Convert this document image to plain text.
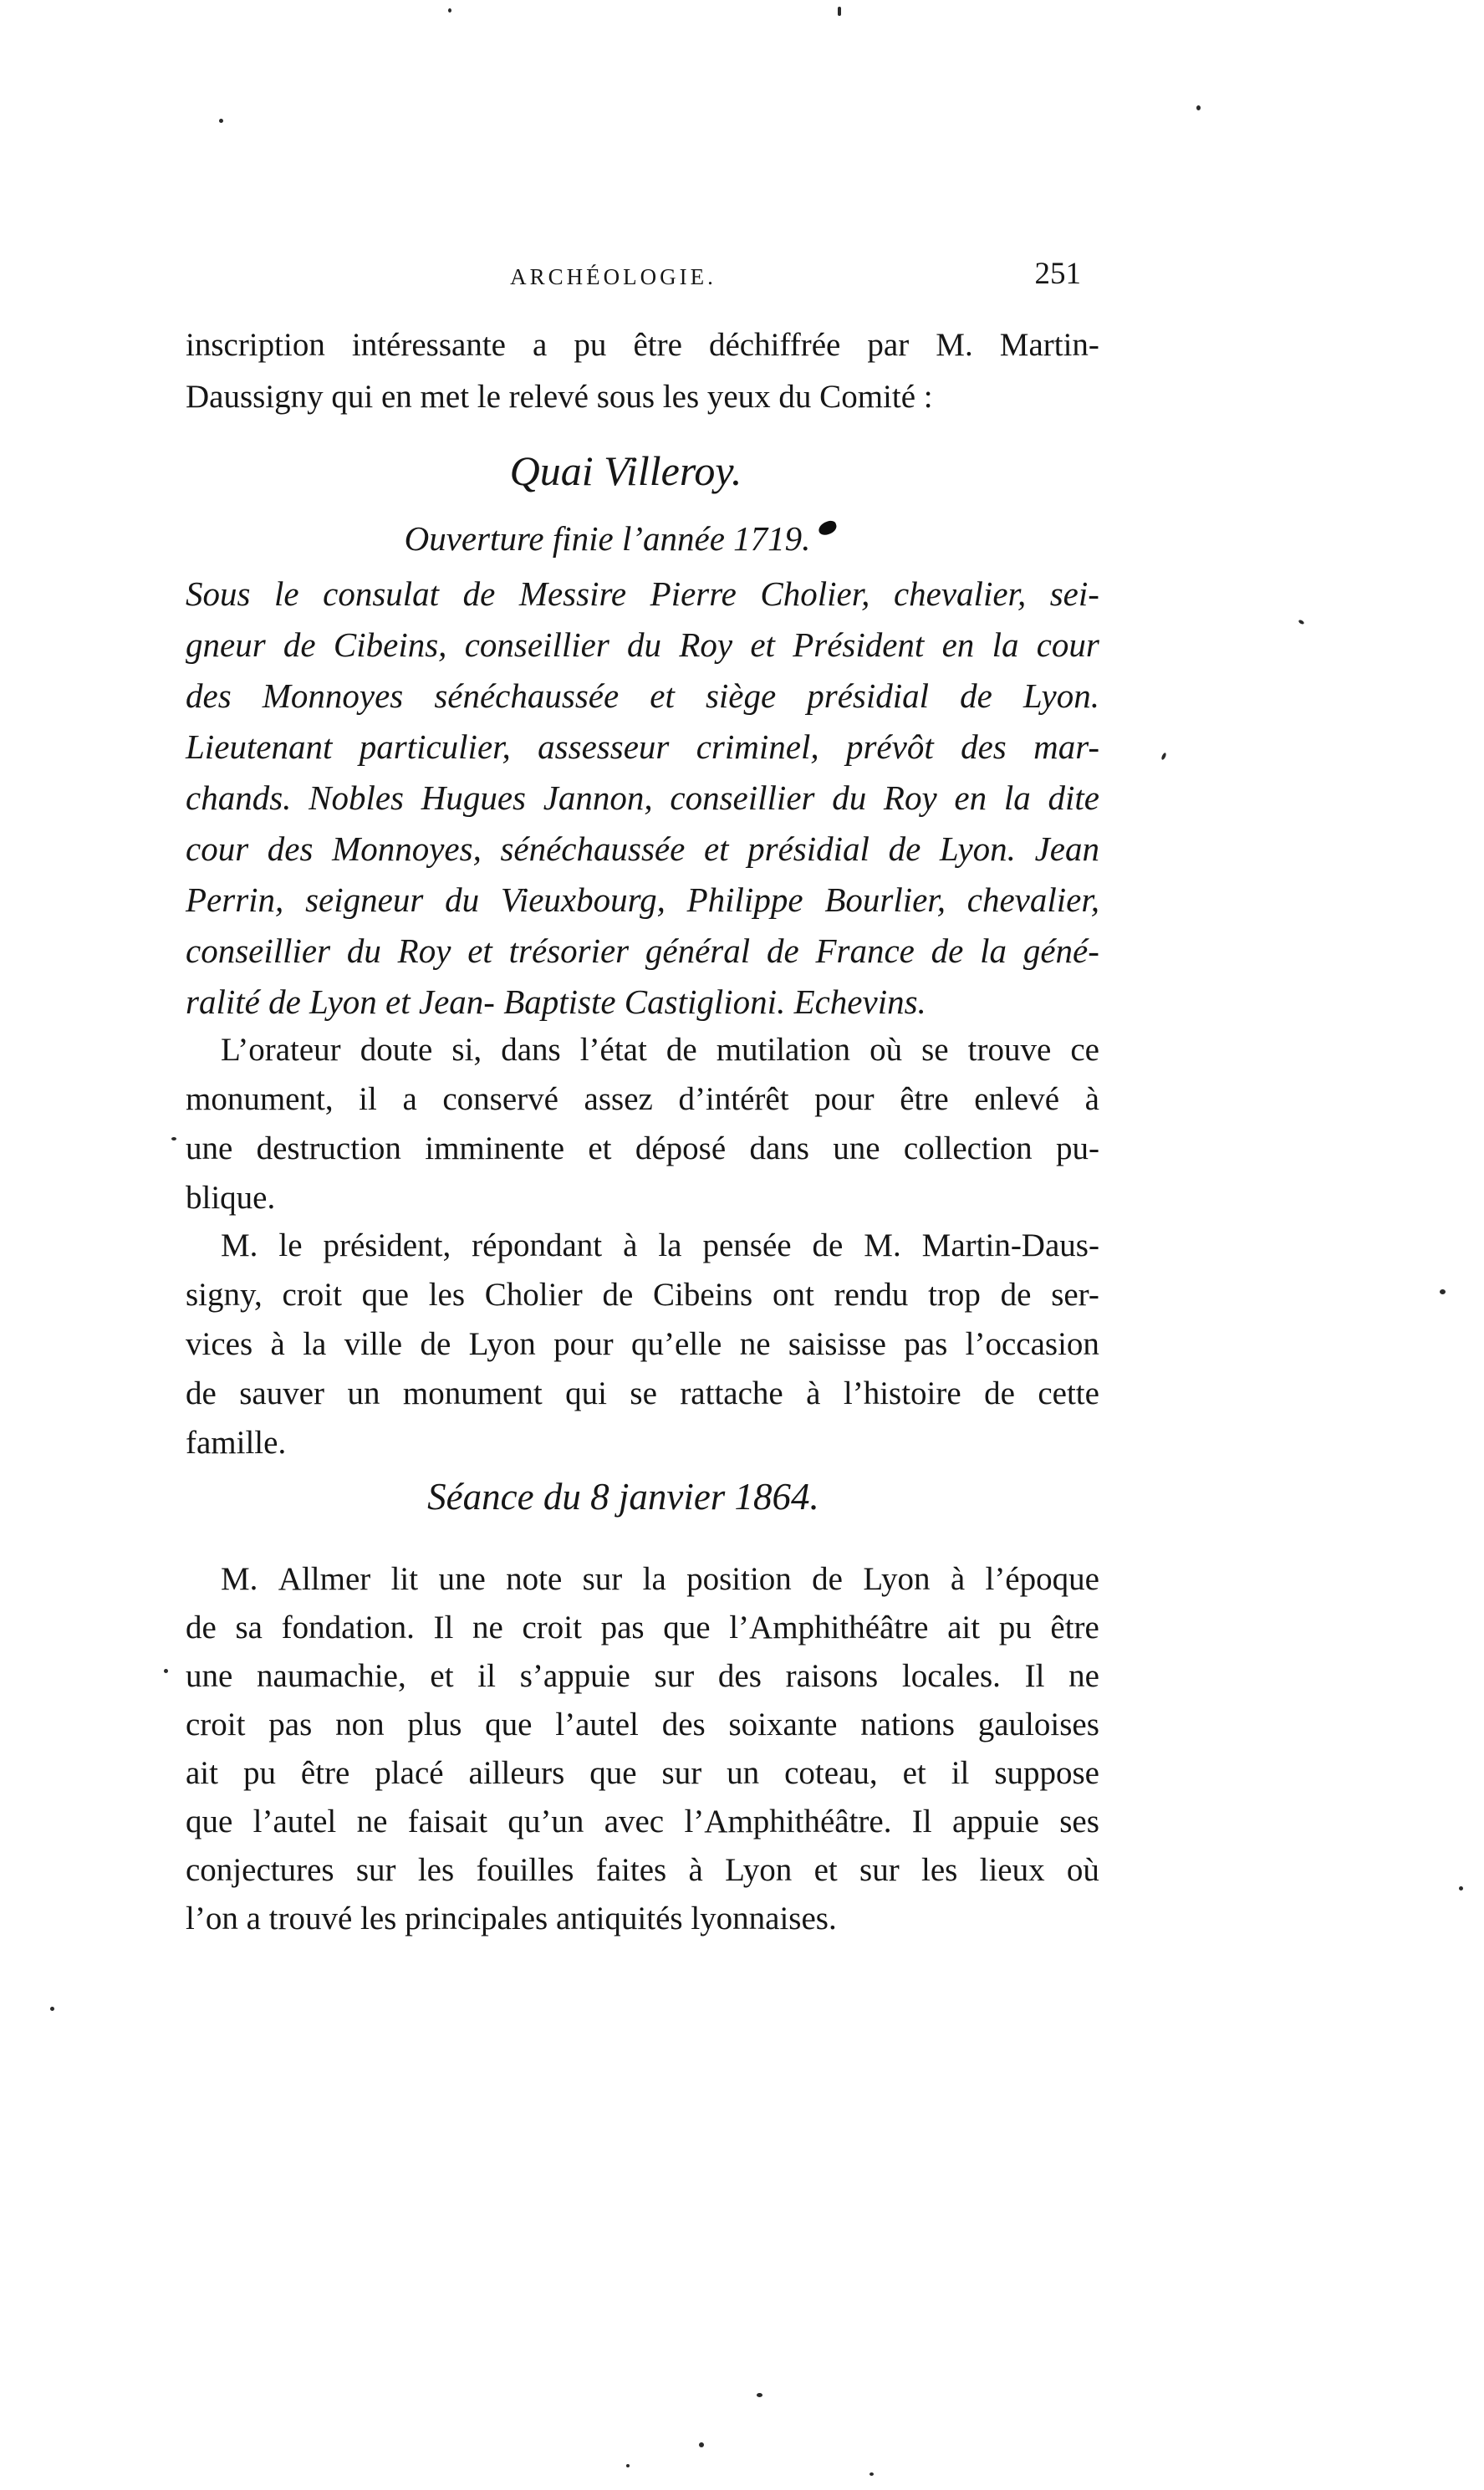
ARCHÉOLOGIE.	251
inscription intéressante a pu être déchiffrée par M. Martin-
Daussigny qui en met le relevé sous les yeux du Comité :
Quai Villeroy.
Ouverture finie l’année 1719.
Sous le consulat de Messire Pierre Cholier, chevalier, sei-
gneur de Cibeins, conseillier du Roy et Président en la cour
des Monnoyes sénéchaussée et siège présidial de Lyon.
Lieutenant particulier, assesseur criminel, prévôt des mar-
chands. Nobles Hugues Jannon, conseillier du Roy en la dite
cour des Monnoyes, sénéchaussée et présidial de Lyon. Jean
Perrin, seigneur du Vieuxbourg, Philippe Bourlier, chevalier,
conseillier du Roy et trésorier général de France de la géné-
ralité de Lyon et Jean- Baptiste Castiglioni. Echevins.
L’orateur doute si, dans l’état de mutilation où se trouve ce
monument, il a conservé assez d’intérêt pour être enlevé à
une destruction imminente et déposé dans une collection pu-
blique.
M. le président, répondant à la pensée de M. Martin-Daus-
signy, croit que les Cholier de Cibeins ont rendu trop de ser-
vices à la ville de Lyon pour qu’elle ne saisisse pas l’occasion
de sauver un monument qui se rattache à l’histoire de cette
famille.
Séance du 8 janvier 1864.
M. Allmer lit une note sur la position de Lyon à l’époque
de sa fondation. Il ne croit pas que l’Amphithéâtre ait pu être
une naumachie, et il s’appuie sur des raisons locales. Il ne
croit pas non plus que l’autel des soixante nations gauloises
ait pu être placé ailleurs que sur un coteau, et il suppose
que l’autel ne faisait qu’un avec l’Amphithéâtre. Il appuie ses
conjectures sur les fouilles faites à Lyon et sur les lieux où
l’on a trouvé les principales antiquités lyonnaises.
